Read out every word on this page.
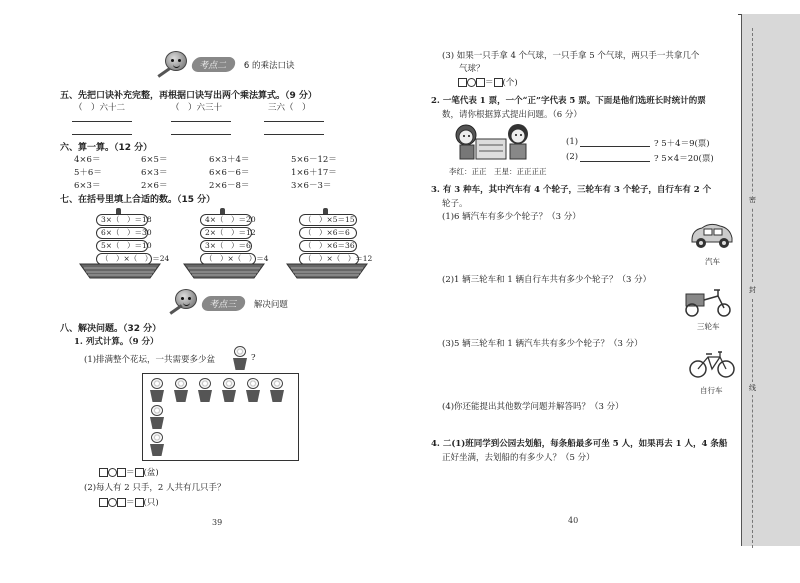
考点二 6 的乘法口诀
五、先把口诀补充完整，再根据口诀写出两个乘法算式。（9 分）
（　）六十二	（　）六三十	三六（　）
六、算一算。（12 分）
4×6＝	6×5＝	6×3＋4＝	5×6－12＝
5＋6＝	6×3＝	6×6－6＝	1×6＋17＝
6×3＝	2×6＝	2×6－8＝	3×6－3＝
七、在括号里填上合适的数。（15 分）
3×（　）＝18
6×（　）＝30
5×（　）＝10
（　）×（　）＝24
4×（　）＝20
2×（　）＝12
3×（　）＝6
（　）×（　）＝4
（　）×5＝15
（　）×6＝6
（　）×6＝36
（　）×（　）＝12
考点三 解决问题
八、解决问题。（32 分）
1. 列式计算。（9 分）
(1)排满整个花坛，一共需要多少盆	?
＝ (盆)
(2)每人有 2 只手，2 人共有几只手？
＝ (只)
39
(3) 如果一只手拿 4 个气球，一只手拿 5 个气球，两只手一共拿几个
气球？
＝ (个)
2. 一笔代表 1 票，一个“正”字代表 5 票。下面是他们选班长时统计的票
数，请你根据算式提出问题。（6 分）
李红：正正　王星：正正正正
(1)	? 5＋4＝9(票)
(2)	? 5×4＝20(票)
3. 有 3 种车，其中汽车有 4 个轮子，三轮车有 3 个轮子，自行车有 2 个
轮子。
(1)6 辆汽车有多少个轮子？（3 分）
汽车
(2)1 辆三轮车和 1 辆自行车共有多少个轮子？（3 分）
三轮车
(3)5 辆三轮车和 1 辆汽车共有多少个轮子？（3 分）
自行车
(4)你还能提出其他数学问题并解答吗？（3 分）
4. 二(1)班同学到公园去划船，每条船最多可坐 5 人，如果再去 1 人，4 条船
正好坐满，去划船的有多少人？（5 分）
40
密
封
线
